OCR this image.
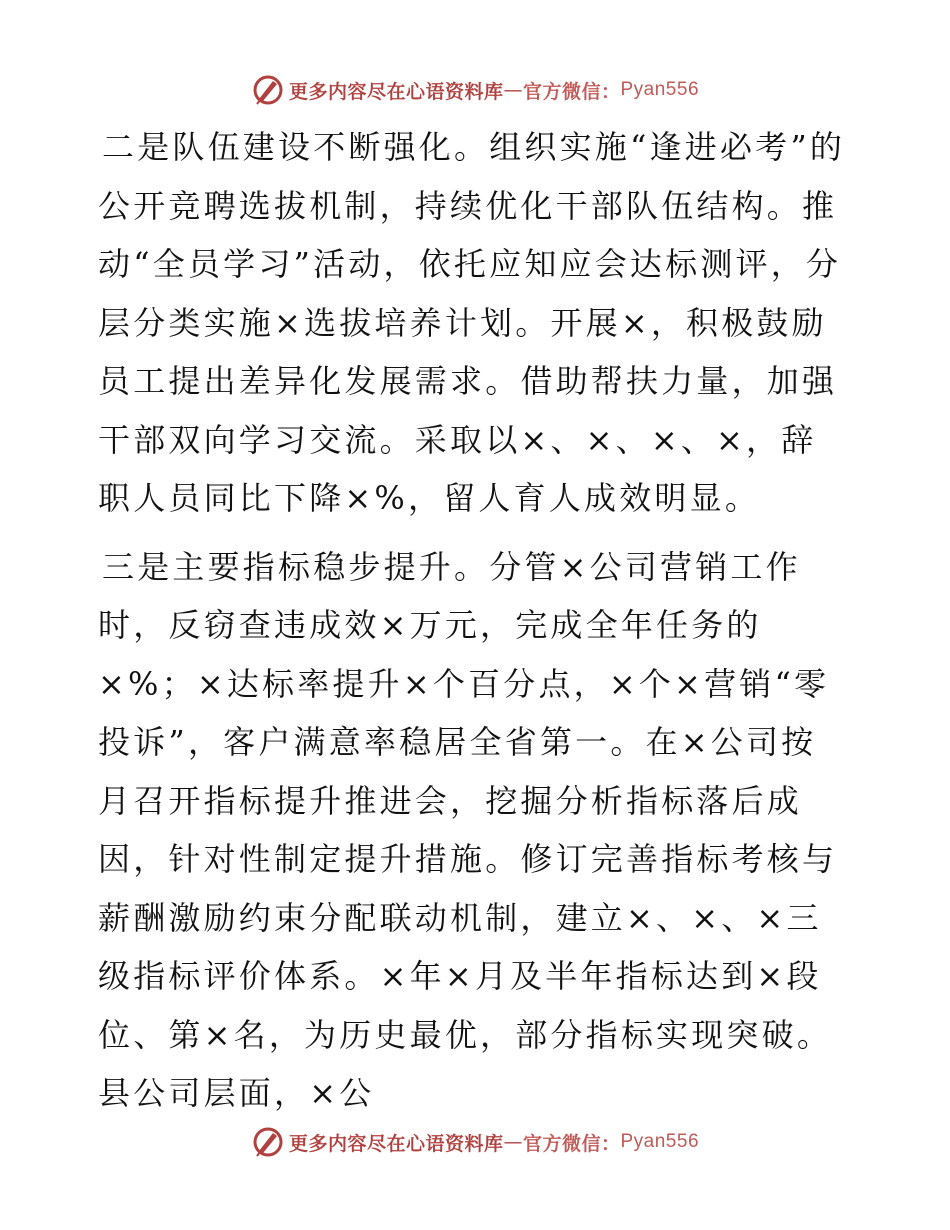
更多内容尽在心语资料库 — 官方微信： Pyan556

二是队伍建设不断强化。组织实施“逢进必考”的公开竞聘选拔机制，持续优化干部队伍结构。推动“全员学习”活动，依托应知应会达标测评，分层分类实施×选拔培养计划。开展×，积极鼓励员工提出差异化发展需求。借助帮扶力量，加强干部双向学习交流。采取以×、×、×、×，辞职人员同比下降×%，留人育人成效明显。

三是主要指标稳步提升。分管×公司营销工作时，反窃查违成效×万元，完成全年任务的×%；×达标率提升×个百分点，×个×营销“零投诉”，客户满意率稳居全省第一。在×公司按月召开指标提升推进会，挖掘分析指标落后成因，针对性制定提升措施。修订完善指标考核与薪酬激励约束分配联动机制，建立×、×、×三级指标评价体系。×年×月及半年指标达到×段位、第×名，为历史最优，部分指标实现突破。县公司层面，×公

更多内容尽在心语资料库 — 官方微信： Pyan556
